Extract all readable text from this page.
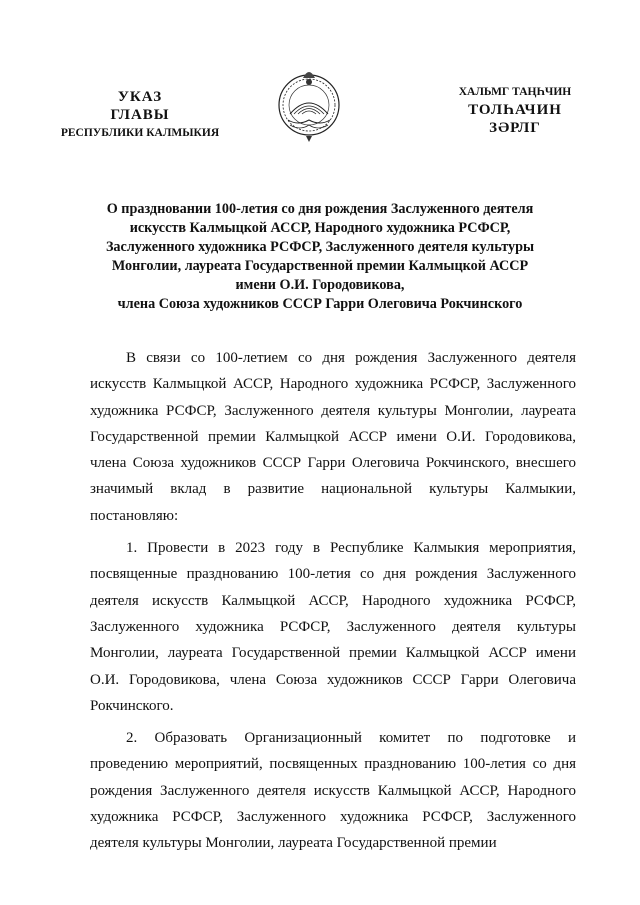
УКАЗ
ГЛАВЫ
РЕСПУБЛИКИ КАЛМЫКИЯ
ХАЛЬМГ ТАҢҺЧИН
ТОЛҺАЧИН
ЗӘРЛГ
О праздновании 100-летия со дня рождения Заслуженного деятеля
искусств Калмыцкой АССР, Народного художника РСФСР,
Заслуженного художника РСФСР, Заслуженного деятеля культуры
Монголии, лауреата Государственной премии Калмыцкой АССР
имени О.И. Городовикова,
члена Союза художников СССР Гарри Олеговича Рокчинского

В связи со 100-летием со дня рождения Заслуженного деятеля искусств Калмыцкой АССР, Народного художника РСФСР, Заслуженного художника РСФСР, Заслуженного деятеля культуры Монголии, лауреата Государственной премии Калмыцкой АССР имени О.И. Городовикова, члена Союза художников СССР Гарри Олеговича Рокчинского, внесшего значимый вклад в развитие национальной культуры Калмыкии, постановляю:

1. Провести в 2023 году в Республике Калмыкия мероприятия, посвященные празднованию 100-летия со дня рождения Заслуженного деятеля искусств Калмыцкой АССР, Народного художника РСФСР, Заслуженного художника РСФСР, Заслуженного деятеля культуры Монголии, лауреата Государственной премии Калмыцкой АССР имени О.И. Городовикова, члена Союза художников СССР Гарри Олеговича Рокчинского.

2. Образовать Организационный комитет по подготовке и проведению мероприятий, посвященных празднованию 100-летия со дня рождения Заслуженного деятеля искусств Калмыцкой АССР, Народного художника РСФСР, Заслуженного художника РСФСР, Заслуженного деятеля культуры Монголии, лауреата Государственной премии
